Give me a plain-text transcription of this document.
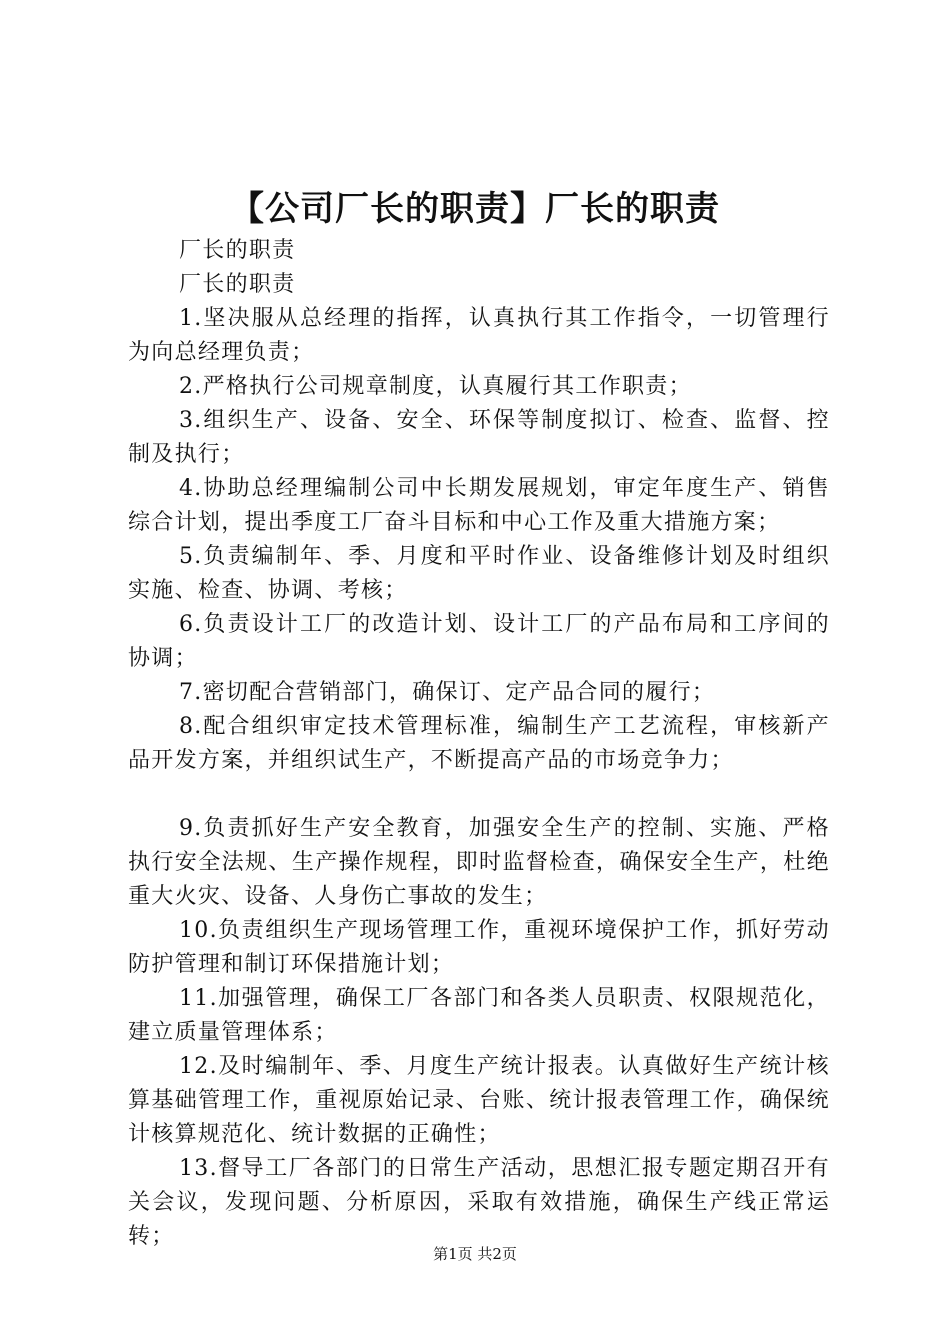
【公司厂长的职责】厂长的职责

厂长的职责

厂长的职责

1.坚决服从总经理的指挥，认真执行其工作指令，一切管理行为向总经理负责；

2.严格执行公司规章制度，认真履行其工作职责；

3.组织生产、设备、安全、环保等制度拟订、检查、监督、控制及执行；

4.协助总经理编制公司中长期发展规划，审定年度生产、销售综合计划，提出季度工厂奋斗目标和中心工作及重大措施方案；

5.负责编制年、季、月度和平时作业、设备维修计划及时组织实施、检查、协调、考核；

6.负责设计工厂的改造计划、设计工厂的产品布局和工序间的协调；

7.密切配合营销部门，确保订、定产品合同的履行；

8.配合组织审定技术管理标准，编制生产工艺流程，审核新产品开发方案，并组织试生产，不断提高产品的市场竞争力；

9.负责抓好生产安全教育，加强安全生产的控制、实施、严格执行安全法规、生产操作规程，即时监督检查，确保安全生产，杜绝重大火灾、设备、人身伤亡事故的发生；

10.负责组织生产现场管理工作，重视环境保护工作，抓好劳动防护管理和制订环保措施计划；

11.加强管理，确保工厂各部门和各类人员职责、权限规范化，建立质量管理体系；

12.及时编制年、季、月度生产统计报表。认真做好生产统计核算基础管理工作，重视原始记录、台账、统计报表管理工作，确保统计核算规范化、统计数据的正确性；

13.督导工厂各部门的日常生产活动，思想汇报专题定期召开有关会议，发现问题、分析原因，采取有效措施，确保生产线正常运转；

第1页 共2页
